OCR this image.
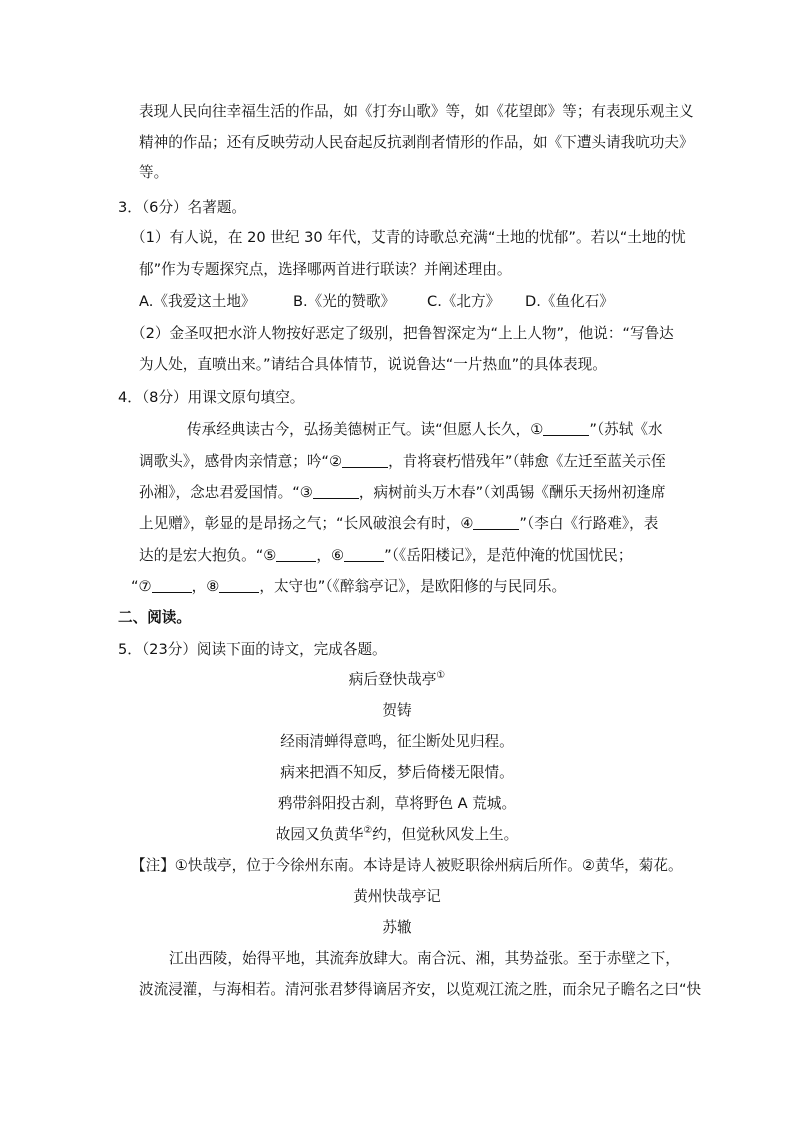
表现人民向往幸福生活的作品，如《打夯山歌》等，如《花望郎》等；有表现乐观主义
精神的作品；还有反映劳动人民奋起反抗剥削者情形的作品，如《下遭头请我吭功夫》
等。
3．（6分）名著题。
（1）有人说，在 20 世纪 30 年代，艾青的诗歌总充满“土地的忧郁”。若以“土地的忧
郁”作为专题探究点，选择哪两首进行联读？并阐述理由。
A.《我爱这土地》	B.《光的赞歌》 C.《北方》 D.《鱼化石》
（2）金圣叹把水浒人物按好恶定了级别，把鲁智深定为“上上人物”，他说：“写鲁达
为人处，直喷出来。”请结合具体情节，说说鲁达“一片热血”的具体表现。
4．（8分）用课文原句填空。
传承经典读古今，弘扬美德树正气。读“但愿人长久，①	”（苏轼《水
调歌头》，感骨肉亲情意；吟“②	，肯将衰朽惜残年”（韩愈《左迁至蓝关示侄
孙湘》，念忠君爱国情。“③	，病树前头万木春”（刘禹锡《酬乐天扬州初逢席
上见赠》，彰显的是昂扬之气；“长风破浪会有时，④	”（李白《行路难》，表
达的是宏大抱负。“⑤	，⑥	”（《岳阳楼记》，是范仲淹的忧国忧民；
“⑦	，⑧	，太守也”（《醉翁亭记》，是欧阳修的与民同乐。
二、阅读。
5．（23分）阅读下面的诗文，完成各题。
病后登快哉亭①
贺铸
经雨清蝉得意鸣，征尘断处见归程。
病来把酒不知反，梦后倚楼无限情。
鸦带斜阳投古刹，草将野色 A 荒城。
故园又负黄华②约，但觉秋风发上生。
【注】①快哉亭，位于今徐州东南。本诗是诗人被贬职徐州病后所作。②黄华，菊花。
黄州快哉亭记
苏辙
江出西陵，始得平地，其流奔放肆大。南合沅、湘，其势益张。至于赤壁之下，
波流浸灌，与海相若。清河张君梦得谪居齐安，以览观江流之胜，而余兄子瞻名之曰“快
